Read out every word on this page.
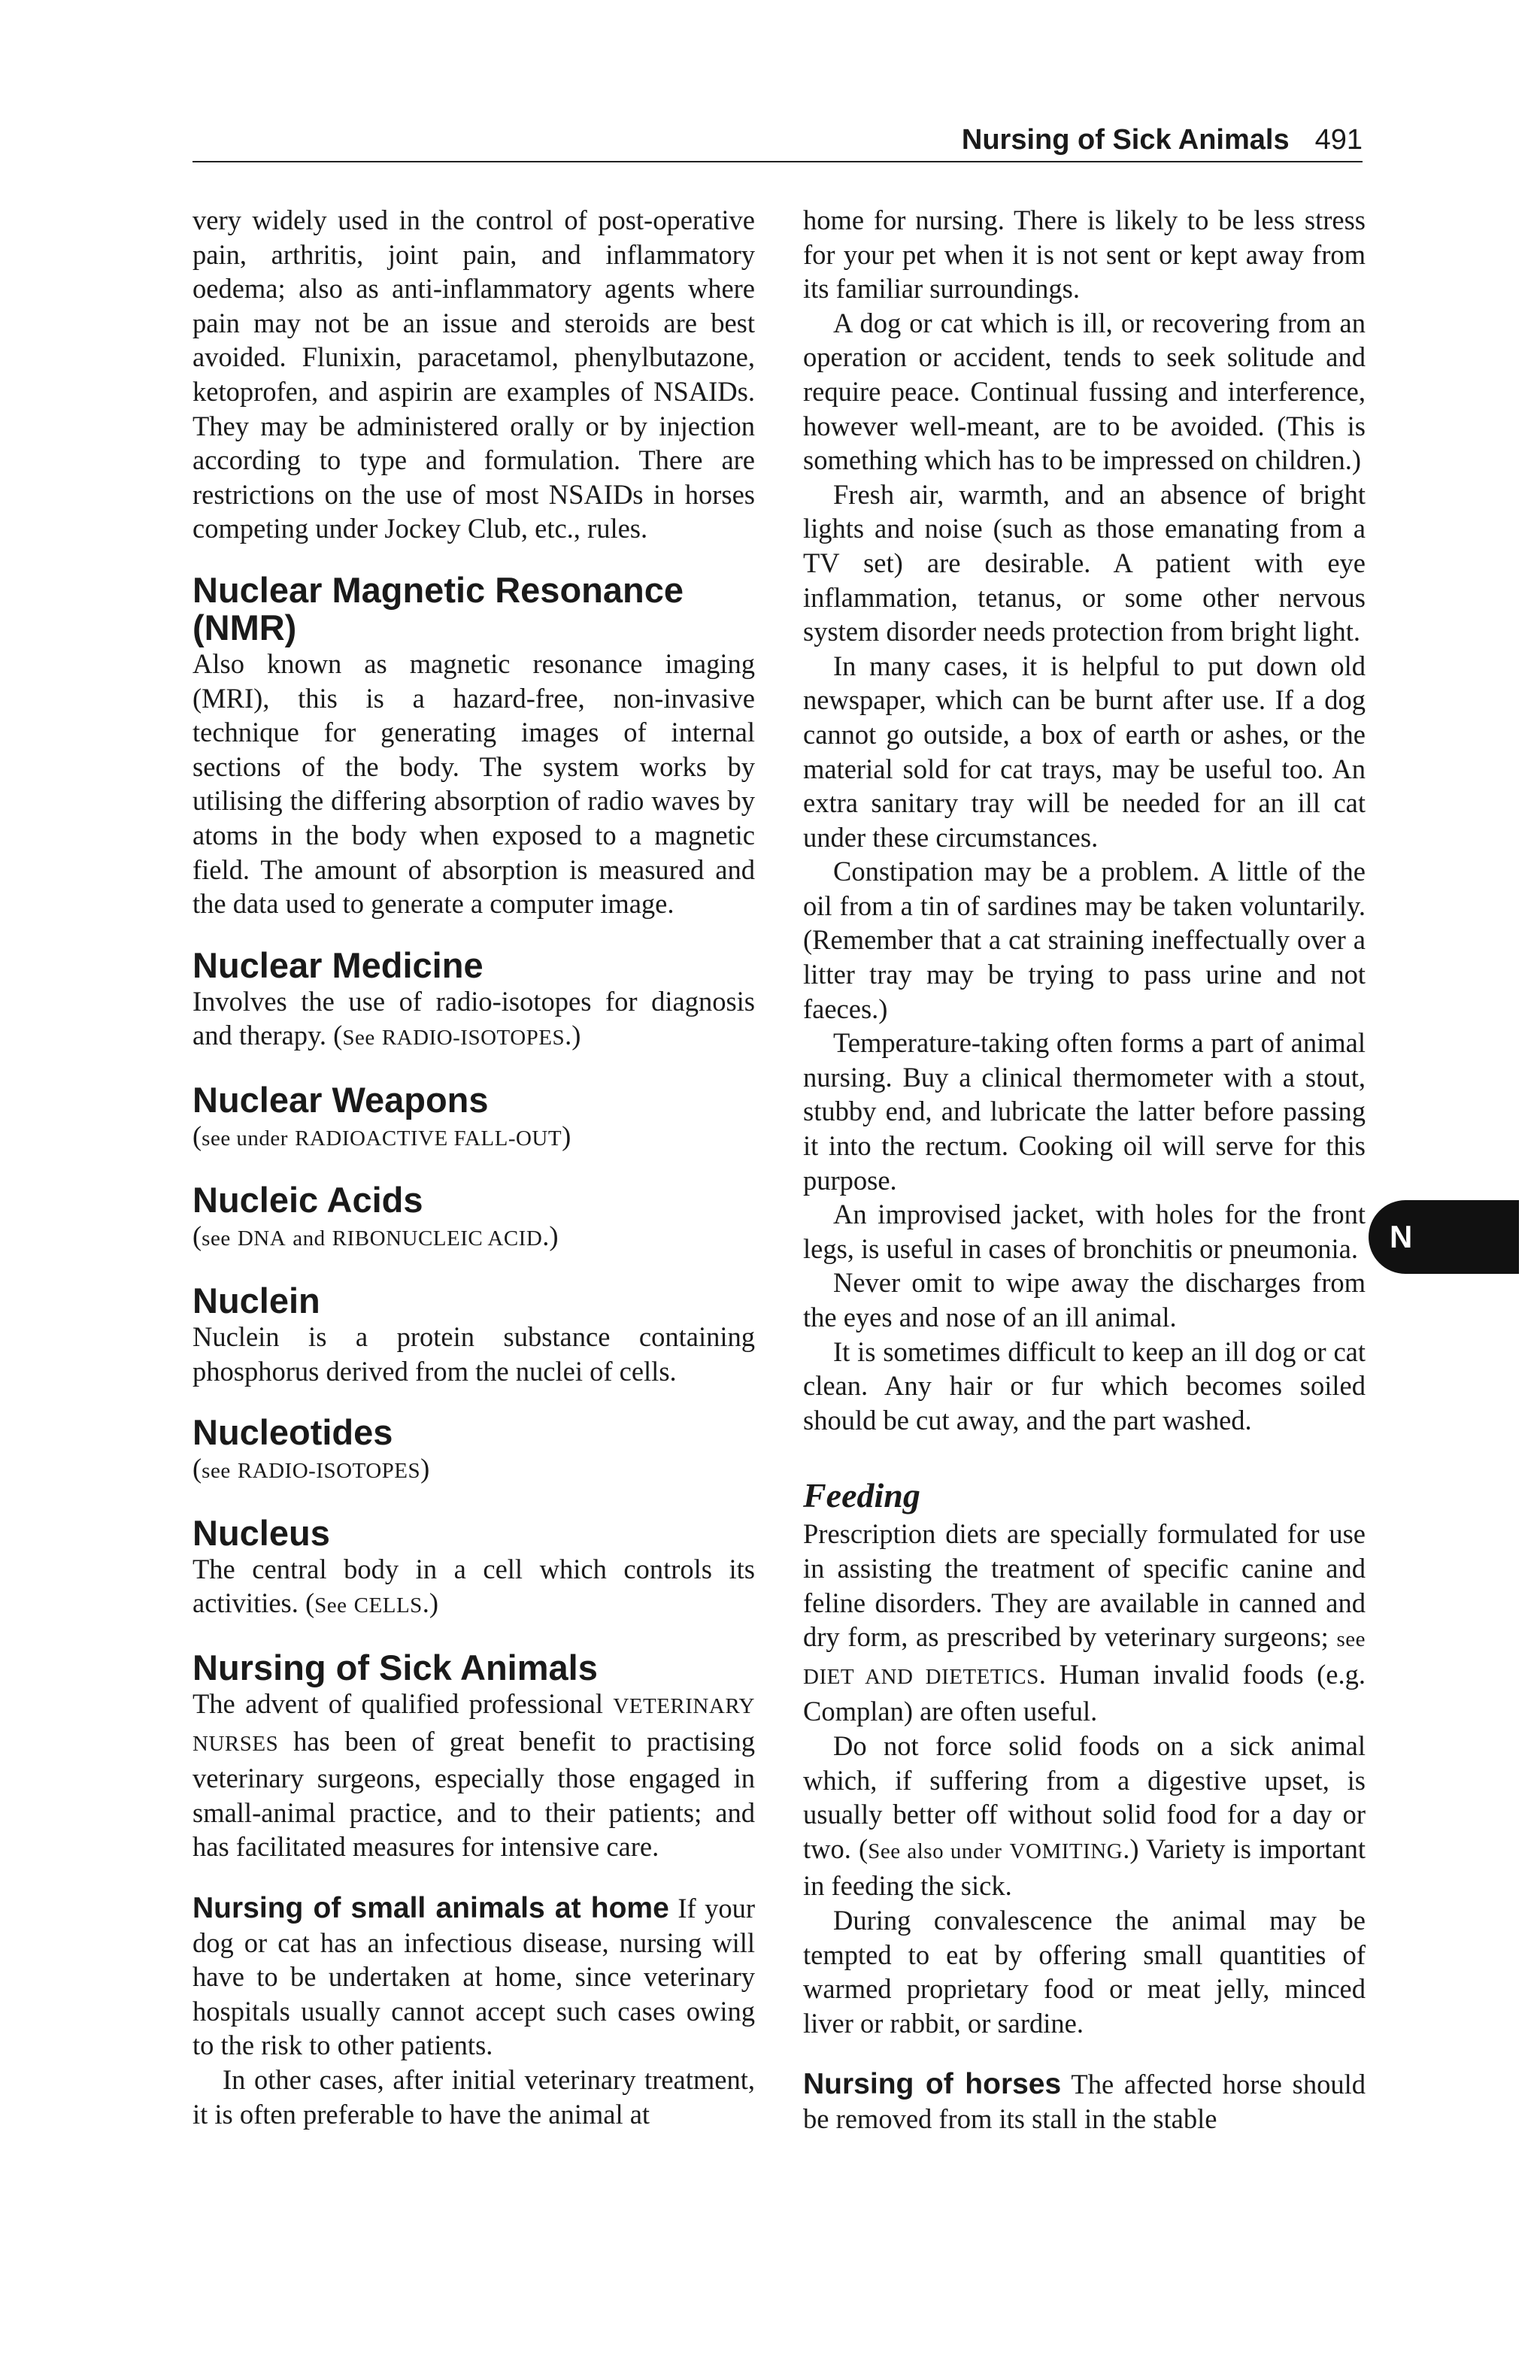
Nursing of Sick Animals 491
N

very widely used in the control of post-operative pain, arthritis, joint pain, and inflammatory oedema; also as anti-inflammatory agents where pain may not be an issue and steroids are best avoided. Flunixin, paracetamol, phenylbutazone, ketoprofen, and aspirin are examples of NSAIDs. They may be administered orally or by injection according to type and formulation. There are restrictions on the use of most NSAIDs in horses competing under Jockey Club, etc., rules.

Nuclear Magnetic Resonance (NMR)

Also known as magnetic resonance imaging (MRI), this is a hazard-free, non-invasive technique for generating images of internal sections of the body. The system works by utilising the differing absorption of radio waves by atoms in the body when exposed to a magnetic field. The amount of absorption is measured and the data used to generate a computer image.

Nuclear Medicine

Involves the use of radio-isotopes for diagnosis and therapy. (See RADIO-ISOTOPES.)

Nuclear Weapons

(see under RADIOACTIVE FALL-OUT)

Nucleic Acids

(see DNA and RIBONUCLEIC ACID.)

Nuclein

Nuclein is a protein substance containing phosphorus derived from the nuclei of cells.

Nucleotides

(see RADIO-ISOTOPES)

Nucleus

The central body in a cell which controls its activities. (See CELLS.)

Nursing of Sick Animals

The advent of qualified professional VETERINARY NURSES has been of great benefit to practising veterinary surgeons, especially those engaged in small-animal practice, and to their patients; and has facilitated measures for intensive care.

Nursing of small animals at home If your dog or cat has an infectious disease, nursing will have to be undertaken at home, since veterinary hospitals usually cannot accept such cases owing to the risk to other patients.

In other cases, after initial veterinary treatment, it is often preferable to have the animal at

home for nursing. There is likely to be less stress for your pet when it is not sent or kept away from its familiar surroundings.

A dog or cat which is ill, or recovering from an operation or accident, tends to seek solitude and require peace. Continual fussing and interference, however well-meant, are to be avoided. (This is something which has to be impressed on children.)

Fresh air, warmth, and an absence of bright lights and noise (such as those emanating from a TV set) are desirable. A patient with eye inflammation, tetanus, or some other nervous system disorder needs protection from bright light.

In many cases, it is helpful to put down old newspaper, which can be burnt after use. If a dog cannot go outside, a box of earth or ashes, or the material sold for cat trays, may be useful too. An extra sanitary tray will be needed for an ill cat under these circumstances.

Constipation may be a problem. A little of the oil from a tin of sardines may be taken voluntarily. (Remember that a cat straining ineffectually over a litter tray may be trying to pass urine and not faeces.)

Temperature-taking often forms a part of animal nursing. Buy a clinical thermometer with a stout, stubby end, and lubricate the latter before passing it into the rectum. Cooking oil will serve for this purpose.

An improvised jacket, with holes for the front legs, is useful in cases of bronchitis or pneumonia.

Never omit to wipe away the discharges from the eyes and nose of an ill animal.

It is sometimes difficult to keep an ill dog or cat clean. Any hair or fur which becomes soiled should be cut away, and the part washed.

Feeding

Prescription diets are specially formulated for use in assisting the treatment of specific canine and feline disorders. They are available in canned and dry form, as prescribed by veterinary surgeons; see DIET AND DIETETICS. Human invalid foods (e.g. Complan) are often useful.

Do not force solid foods on a sick animal which, if suffering from a digestive upset, is usually better off without solid food for a day or two. (See also under VOMITING.) Variety is important in feeding the sick.

During convalescence the animal may be tempted to eat by offering small quantities of warmed proprietary food or meat jelly, minced liver or rabbit, or sardine.

Nursing of horses The affected horse should be removed from its stall in the stable
